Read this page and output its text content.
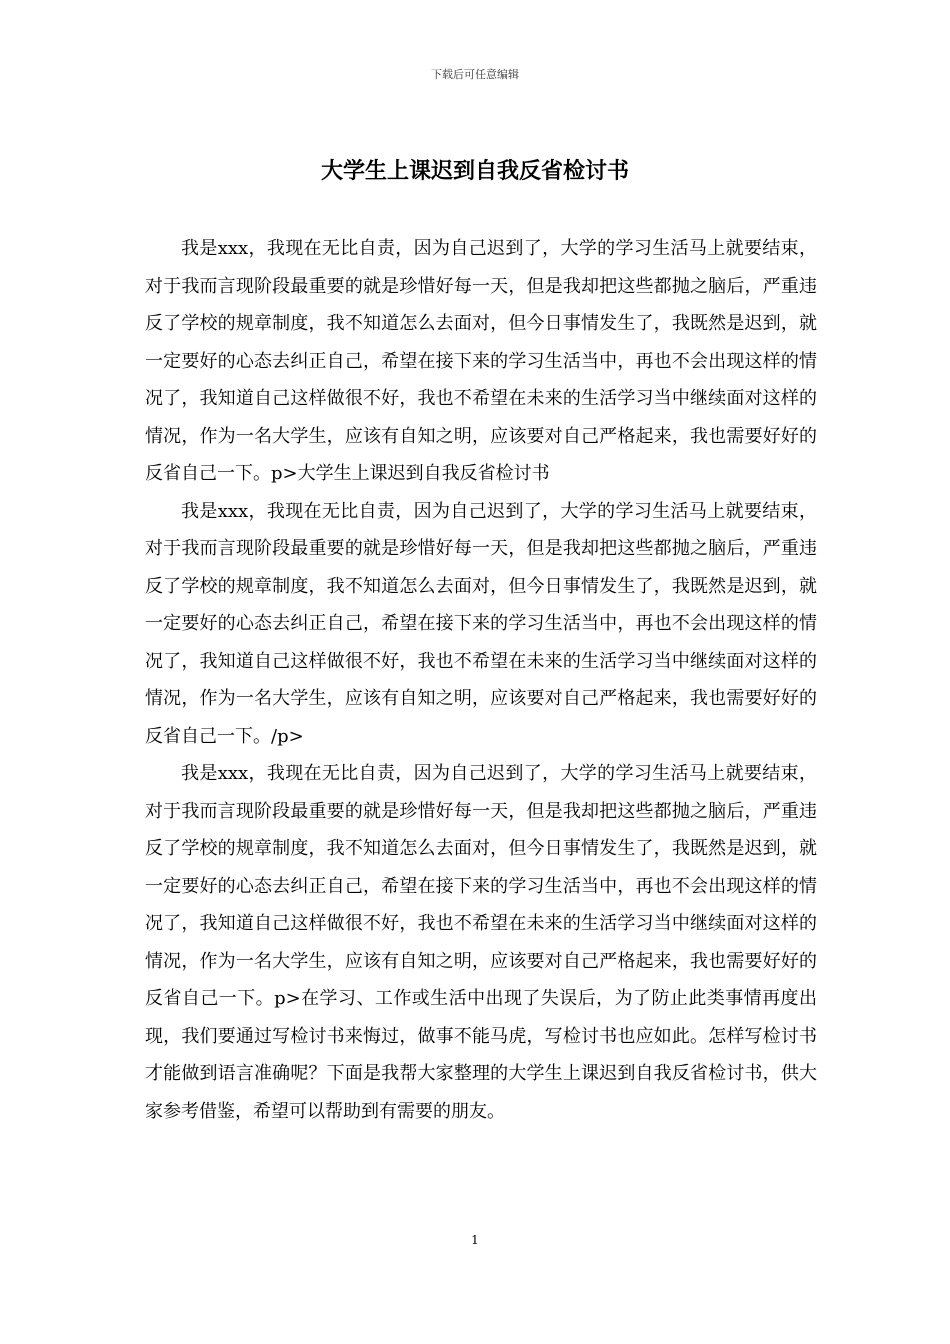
下载后可任意编辑
大学生上课迟到自我反省检讨书

我是xxx，我现在无比自责，因为自己迟到了，大学的学习生活马上就要结束，对于我而言现阶段最重要的就是珍惜好每一天，但是我却把这些都抛之脑后，严重违反了学校的规章制度，我不知道怎么去面对，但今日事情发生了，我既然是迟到，就一定要好的心态去纠正自己，希望在接下来的学习生活当中，再也不会出现这样的情况了，我知道自己这样做很不好，我也不希望在未来的生活学习当中继续面对这样的情况，作为一名大学生，应该有自知之明，应该要对自己严格起来，我也需要好好的反省自己一下。p>大学生上课迟到自我反省检讨书

我是xxx，我现在无比自责，因为自己迟到了，大学的学习生活马上就要结束，对于我而言现阶段最重要的就是珍惜好每一天，但是我却把这些都抛之脑后，严重违反了学校的规章制度，我不知道怎么去面对，但今日事情发生了，我既然是迟到，就一定要好的心态去纠正自己，希望在接下来的学习生活当中，再也不会出现这样的情况了，我知道自己这样做很不好，我也不希望在未来的生活学习当中继续面对这样的情况，作为一名大学生，应该有自知之明，应该要对自己严格起来，我也需要好好的反省自己一下。/p>

我是xxx，我现在无比自责，因为自己迟到了，大学的学习生活马上就要结束，对于我而言现阶段最重要的就是珍惜好每一天，但是我却把这些都抛之脑后，严重违反了学校的规章制度，我不知道怎么去面对，但今日事情发生了，我既然是迟到，就一定要好的心态去纠正自己，希望在接下来的学习生活当中，再也不会出现这样的情况了，我知道自己这样做很不好，我也不希望在未来的生活学习当中继续面对这样的情况，作为一名大学生，应该有自知之明，应该要对自己严格起来，我也需要好好的反省自己一下。p>在学习、工作或生活中出现了失误后，为了防止此类事情再度出现，我们要通过写检讨书来悔过，做事不能马虎，写检讨书也应如此。怎样写检讨书才能做到语言准确呢？下面是我帮大家整理的大学生上课迟到自我反省检讨书，供大家参考借鉴，希望可以帮助到有需要的朋友。

1
